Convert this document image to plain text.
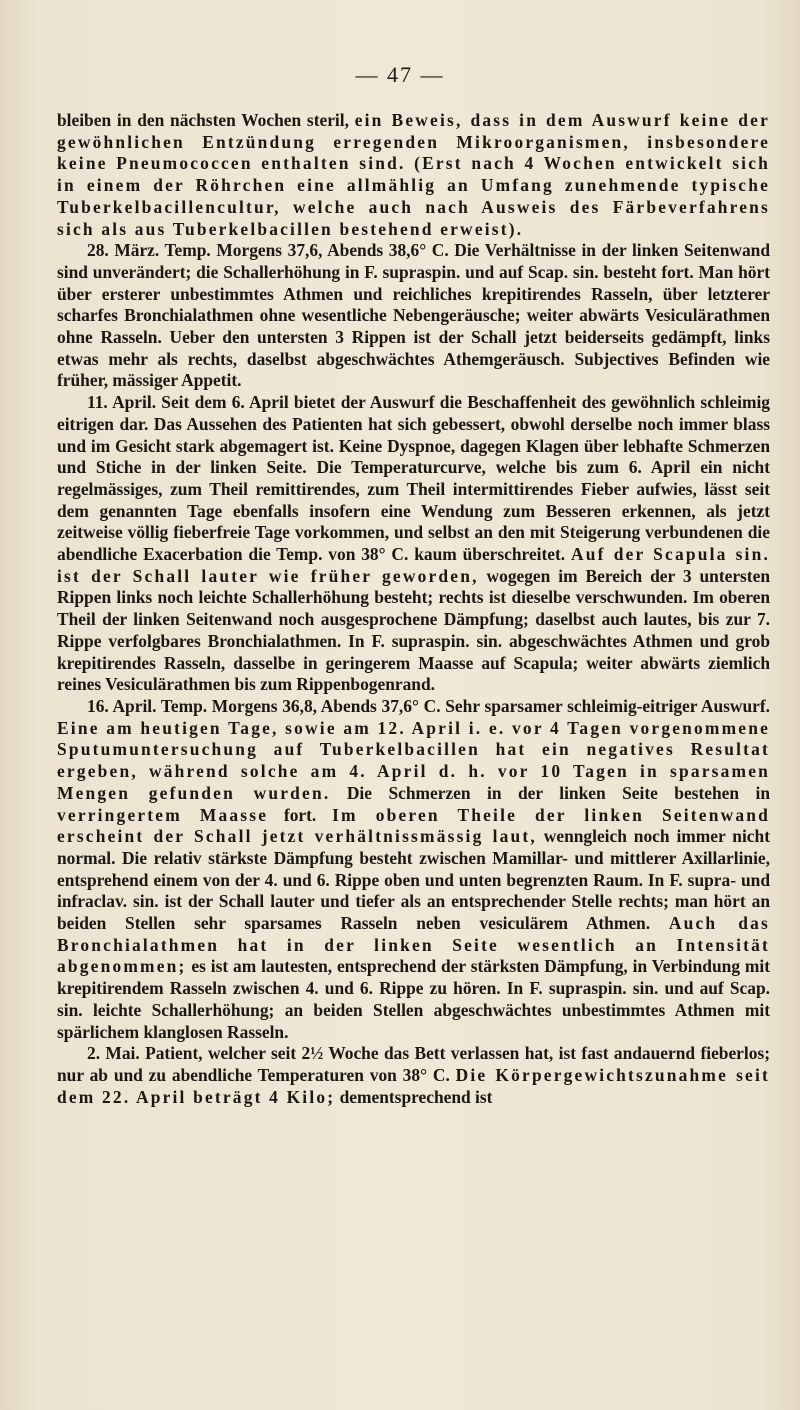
— 47 —

bleiben in den nächsten Wochen steril, ein Beweis, dass in dem Auswurf keine der gewöhnlichen Entzündung erregenden Mikroorganismen, insbesondere keine Pneumococcen enthalten sind. (Erst nach 4 Wochen entwickelt sich in einem der Röhrchen eine allmählig an Umfang zunehmende typische Tuberkelbacillencultur, welche auch nach Ausweis des Färbeverfahrens sich als aus Tuberkelbacillen bestehend erweist).

28. März. Temp. Morgens 37,6, Abends 38,6° C. Die Verhältnisse in der linken Seitenwand sind unverändert; die Schallerhöhung in F. supraspin. und auf Scap. sin. besteht fort. Man hört über ersterer unbestimmtes Athmen und reichliches krepitirendes Rasseln, über letzterer scharfes Bronchialathmen ohne wesentliche Nebengeräusche; weiter abwärts Vesiculärathmen ohne Rasseln. Ueber den untersten 3 Rippen ist der Schall jetzt beiderseits gedämpft, links etwas mehr als rechts, daselbst abgeschwächtes Athemgeräusch. Subjectives Befinden wie früher, mässiger Appetit.

11. April. Seit dem 6. April bietet der Auswurf die Beschaffenheit des gewöhnlich schleimig eitrigen dar. Das Aussehen des Patienten hat sich gebessert, obwohl derselbe noch immer blass und im Gesicht stark abgemagert ist. Keine Dyspnoe, dagegen Klagen über lebhafte Schmerzen und Stiche in der linken Seite. Die Temperaturcurve, welche bis zum 6. April ein nicht regelmässiges, zum Theil remittirendes, zum Theil intermittirendes Fieber aufwies, lässt seit dem genannten Tage ebenfalls insofern eine Wendung zum Besseren erkennen, als jetzt zeitweise völlig fieberfreie Tage vorkommen, und selbst an den mit Steigerung verbundenen die abendliche Exacerbation die Temp. von 38° C. kaum überschreitet. Auf der Scapula sin. ist der Schall lauter wie früher geworden, wogegen im Bereich der 3 untersten Rippen links noch leichte Schallerhöhung besteht; rechts ist dieselbe verschwunden. Im oberen Theil der linken Seitenwand noch ausgesprochene Dämpfung; daselbst auch lautes, bis zur 7. Rippe verfolgbares Bronchialathmen. In F. supraspin. sin. abgeschwächtes Athmen und grob krepitirendes Rasseln, dasselbe in geringerem Maasse auf Scapula; weiter abwärts ziemlich reines Vesiculärathmen bis zum Rippenbogenrand.

16. April. Temp. Morgens 36,8, Abends 37,6° C. Sehr sparsamer schleimig-eitriger Auswurf. Eine am heutigen Tage, sowie am 12. April i. e. vor 4 Tagen vorgenommene Sputumuntersuchung auf Tuberkelbacillen hat ein negatives Resultat ergeben, während solche am 4. April d. h. vor 10 Tagen in sparsamen Mengen gefunden wurden. Die Schmerzen in der linken Seite bestehen in verringertem Maasse fort. Im oberen Theile der linken Seitenwand erscheint der Schall jetzt verhältnissmässig laut, wenngleich noch immer nicht normal. Die relativ stärkste Dämpfung besteht zwischen Mamillar- und mittlerer Axillarlinie, entsprehend einem von der 4. und 6. Rippe oben und unten begrenzten Raum. In F. supra- und infraclav. sin. ist der Schall lauter und tiefer als an entsprechender Stelle rechts; man hört an beiden Stellen sehr sparsames Rasseln neben vesiculärem Athmen. Auch das Bronchialathmen hat in der linken Seite wesentlich an Intensität abgenommen; es ist am lautesten, entsprechend der stärksten Dämpfung, in Verbindung mit krepitirendem Rasseln zwischen 4. und 6. Rippe zu hören. In F. supraspin. sin. und auf Scap. sin. leichte Schallerhöhung; an beiden Stellen abgeschwächtes unbestimmtes Athmen mit spärlichem klanglosen Rasseln.

2. Mai. Patient, welcher seit 2½ Woche das Bett verlassen hat, ist fast andauernd fieberlos; nur ab und zu abendliche Temperaturen von 38° C. Die Körpergewichtszunahme seit dem 22. April beträgt 4 Kilo; dementsprechend ist
